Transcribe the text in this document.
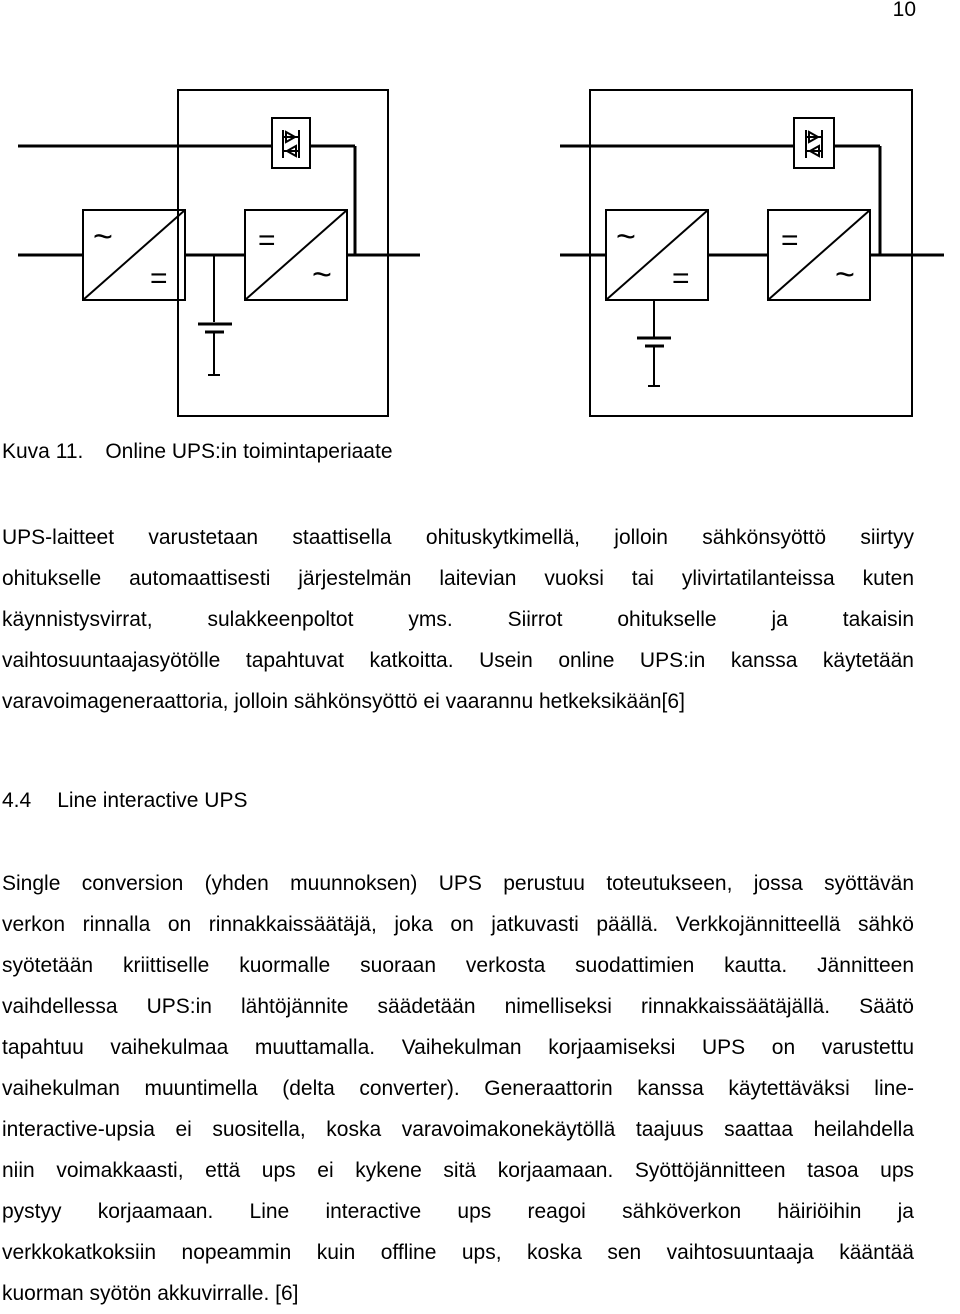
10
~
=
=
~
~
=
=
~
Kuva 11. Online UPS:in toimintaperiaate
UPS-laitteet varustetaan staattisella ohituskytkimellä, jolloin sähkönsyöttö siirtyy
ohitukselle automaattisesti järjestelmän laitevian vuoksi tai ylivirtatilanteissa kuten
käynnistysvirrat, sulakkeenpoltot yms. Siirrot ohitukselle ja takaisin
vaihtosuuntaajasyötölle tapahtuvat katkoitta. Usein online UPS:in kanssa käytetään
varavoimageneraattoria, jolloin sähkönsyöttö ei vaarannu hetkeksikään[6]
4.4 Line interactive UPS
Single conversion (yhden muunnoksen) UPS perustuu toteutukseen, jossa syöttävän
verkon rinnalla on rinnakkaissäätäjä, joka on jatkuvasti päällä. Verkkojännitteellä sähkö
syötetään kriittiselle kuormalle suoraan verkosta suodattimien kautta. Jännitteen
vaihdellessa UPS:in lähtöjännite säädetään nimelliseksi rinnakkaissäätäjällä. Säätö
tapahtuu vaihekulmaa muuttamalla. Vaihekulman korjaamiseksi UPS on varustettu
vaihekulman muuntimella (delta converter). Generaattorin kanssa käytettäväksi line-
interactive-upsia ei suositella, koska varavoimakonekäytöllä taajuus saattaa heilahdella
niin voimakkaasti, että ups ei kykene sitä korjaamaan. Syöttöjännitteen tasoa ups
pystyy korjaamaan. Line interactive ups reagoi sähköverkon häiriöihin ja
verkkokatkoksiin nopeammin kuin offline ups, koska sen vaihtosuuntaaja kääntää
kuorman syötön akkuvirralle. [6]
